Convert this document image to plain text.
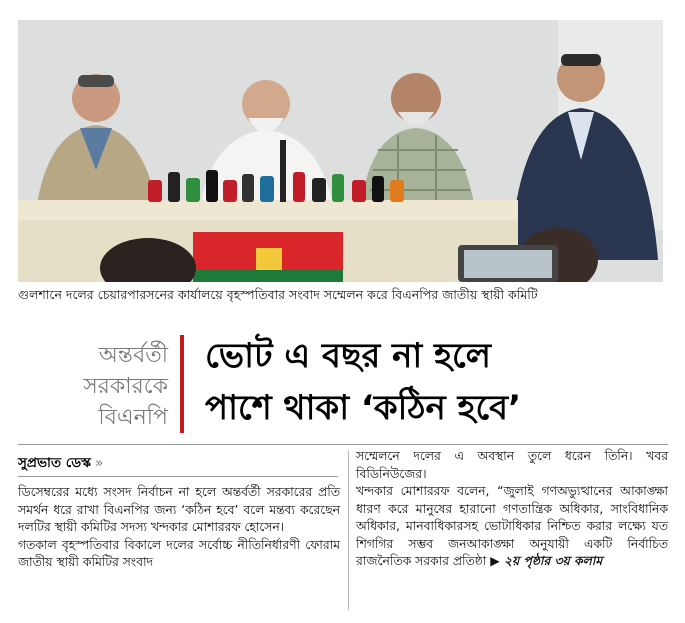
গুলশানে দলের চেয়ারপারসনের কার্যালয়ে বৃহস্পতিবার সংবাদ সম্মেলন করে বিএনপির জাতীয় স্থায়ী কমিটি
অন্তর্বর্তী
সরকারকে
বিএনপি
ভোট এ বছর না হলে
পাশে থাকা ‘কঠিন হবে’
সুপ্রভাত ডেস্ক »

ডিসেম্বরের মধ্যে সংসদ নির্বাচন না হলে অন্তর্বর্তী সরকারের প্রতি সমর্থন ধরে রাখা বিএনপির জন্য ‘কঠিন হবে’ বলে মন্তব্য করেছেন দলটির স্থায়ী কমিটির সদস্য খন্দকার মোশাররফ হোসেন।

গতকাল বৃহস্পতিবার বিকালে দলের সর্বোচ্চ নীতিনির্ধারণী ফোরাম জাতীয় স্থায়ী কমিটির সংবাদ

সম্মেলনে দলের এ অবস্থান তুলে ধরেন তিনি। খবর বিডিনিউজের।

খন্দকার মোশাররফ বলেন, “জুলাই গণঅভ্যুত্থানের আকাঙ্ক্ষা ধারণ করে মানুষের হারানো গণতান্ত্রিক অধিকার, সাংবিধানিক অধিকার, মানবাধিকারসহ ভোটাধিকার নিশ্চিত করার লক্ষ্যে যত শিগগির সম্ভব জনআকাঙ্ক্ষা অনুযায়ী একটি নির্বাচিত রাজনৈতিক সরকার প্রতিষ্ঠা ▶ ২য় পৃষ্ঠার ৩য় কলাম
